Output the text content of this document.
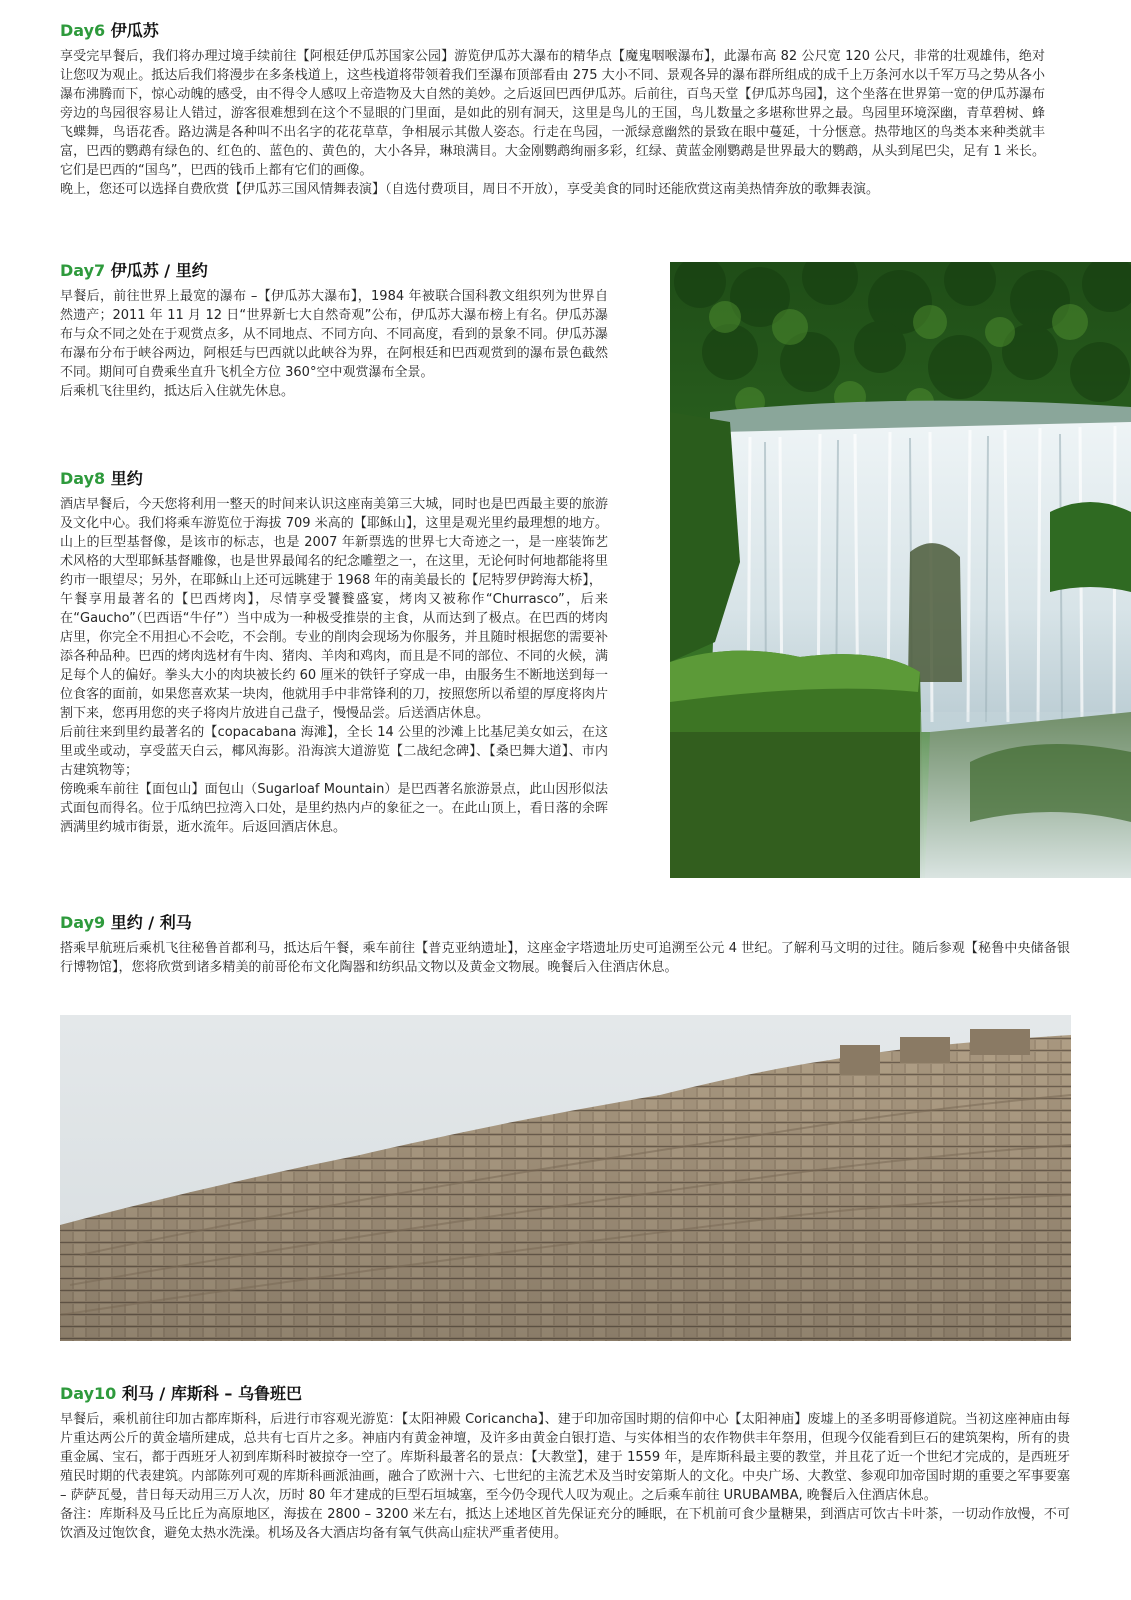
Day6 伊瓜苏

享受完早餐后，我们将办理过境手续前往【阿根廷伊瓜苏国家公园】游览伊瓜苏大瀑布的精华点【魔鬼咽喉瀑布】，此瀑布高 82 公尺宽 120 公尺，非常的壮观雄伟，绝对让您叹为观止。抵达后我们将漫步在多条栈道上，这些栈道将带领着我们至瀑布顶部看由 275 大小不同、景观各异的瀑布群所组成的成千上万条河水以千军万马之势从各小瀑布沸腾而下，惊心动魄的感受，由不得令人感叹上帝造物及大自然的美妙。之后返回巴西伊瓜苏。后前往，百鸟天堂【伊瓜苏鸟园】，这个坐落在世界第一宽的伊瓜苏瀑布旁边的鸟园很容易让人错过，游客很难想到在这个不显眼的门里面，是如此的别有洞天，这里是鸟儿的王国，鸟儿数量之多堪称世界之最。鸟园里环境深幽，青草碧树、蜂飞蝶舞，鸟语花香。路边满是各种叫不出名字的花花草草，争相展示其傲人姿态。行走在鸟园，一派绿意幽然的景致在眼中蔓延，十分惬意。热带地区的鸟类本来种类就丰富，巴西的鹦鹉有绿色的、红色的、蓝色的、黄色的，大小各异，琳琅满目。大金刚鹦鹉绚丽多彩，红绿、黄蓝金刚鹦鹉是世界最大的鹦鹉，从头到尾巴尖，足有 1 米长。它们是巴西的“国鸟”，巴西的钱币上都有它们的画像。

晚上，您还可以选择自费欣赏【伊瓜苏三国风情舞表演】（自选付费项目，周日不开放），享受美食的同时还能欣赏这南美热情奔放的歌舞表演。

Day7 伊瓜苏 / 里约

早餐后，前往世界上最宽的瀑布 –【伊瓜苏大瀑布】，1984 年被联合国科教文组织列为世界自然遗产；2011 年 11 月 12 日“世界新七大自然奇观”公布，伊瓜苏大瀑布榜上有名。伊瓜苏瀑布与众不同之处在于观赏点多，从不同地点、不同方向、不同高度，看到的景象不同。伊瓜苏瀑布瀑布分布于峡谷两边，阿根廷与巴西就以此峡谷为界，在阿根廷和巴西观赏到的瀑布景色截然不同。期间可自费乘坐直升飞机全方位 360°空中观赏瀑布全景。

后乘机飞往里约，抵达后入住就先休息。

Day8 里约

酒店早餐后，今天您将利用一整天的时间来认识这座南美第三大城，同时也是巴西最主要的旅游及文化中心。我们将乘车游览位于海拔 709 米高的【耶稣山】，这里是观光里约最理想的地方。山上的巨型基督像，是该市的标志，也是 2007 年新票选的世界七大奇迹之一，是一座装饰艺术风格的大型耶稣基督雕像，也是世界最闻名的纪念雕塑之一，在这里，无论何时何地都能将里约市一眼望尽；另外，在耶稣山上还可远眺建于 1968 年的南美最长的【尼特罗伊跨海大桥】，

午餐享用最著名的【巴西烤肉】，尽情享受饕餮盛宴，烤肉又被称作“Churrasco”，后来在“Gaucho”（巴西语“牛仔”）当中成为一种极受推崇的主食，从而达到了极点。在巴西的烤肉店里，你完全不用担心不会吃，不会削。专业的削肉会现场为你服务，并且随时根据您的需要补添各种品种。巴西的烤肉选材有牛肉、猪肉、羊肉和鸡肉，而且是不同的部位、不同的火候，满足每个人的偏好。拳头大小的肉块被长约 60 厘米的铁钎子穿成一串，由服务生不断地送到每一位食客的面前，如果您喜欢某一块肉，他就用手中非常锋利的刀，按照您所以希望的厚度将肉片割下来，您再用您的夹子将肉片放进自己盘子，慢慢品尝。后送酒店休息。

后前往来到里约最著名的【copacabana 海滩】，全长 14 公里的沙滩上比基尼美女如云，在这里或坐或动，享受蓝天白云，椰风海影。沿海滨大道游览【二战纪念碑】、【桑巴舞大道】、市内古建筑物等；

傍晚乘车前往【面包山】面包山（Sugarloaf Mountain）是巴西著名旅游景点，此山因形似法式面包而得名。位于瓜纳巴拉湾入口处，是里约热内卢的象征之一。在此山顶上，看日落的余晖洒满里约城市街景，逝水流年。后返回酒店休息。

Day9 里约 / 利马

搭乘早航班后乘机飞往秘鲁首都利马，抵达后午餐，乘车前往【普克亚纳遗址】，这座金字塔遗址历史可追溯至公元 4 世纪。了解利马文明的过往。随后参观【秘鲁中央储备银行博物馆】，您将欣赏到诸多精美的前哥伦布文化陶器和纺织品文物以及黄金文物展。晚餐后入住酒店休息。

Day10 利马 / 库斯科 – 乌鲁班巴

早餐后，乘机前往印加古都库斯科，后进行市容观光游览：【太阳神殿 Coricancha】、建于印加帝国时期的信仰中心【太阳神庙】废墟上的圣多明哥修道院。当初这座神庙由每片重达两公斤的黄金墙所建成，总共有七百片之多。神庙内有黄金神壇，及许多由黄金白银打造、与实体相当的农作物供丰年祭用，但现今仅能看到巨石的建筑架构，所有的贵重金属、宝石，都于西班牙人初到库斯科时被掠夺一空了。库斯科最著名的景点：【大教堂】，建于 1559 年，是库斯科最主要的教堂，并且花了近一个世纪才完成的，是西班牙殖民时期的代表建筑。内部陈列可观的库斯科画派油画，融合了欧洲十六、七世纪的主流艺术及当时安第斯人的文化。中央广场、大教堂、参观印加帝国时期的重要之军事要塞 – 萨萨瓦曼，昔日每天动用三万人次，历时 80 年才建成的巨型石垣城塞，至今仍令现代人叹为观止。之后乘车前往 URUBAMBA, 晚餐后入住酒店休息。

备注：库斯科及马丘比丘为高原地区，海拔在 2800 – 3200 米左右，抵达上述地区首先保证充分的睡眠，在下机前可食少量糖果，到酒店可饮古卡叶茶，一切动作放慢，不可饮酒及过饱饮食，避免太热水洗澡。机场及各大酒店均备有氧气供高山症状严重者使用。
